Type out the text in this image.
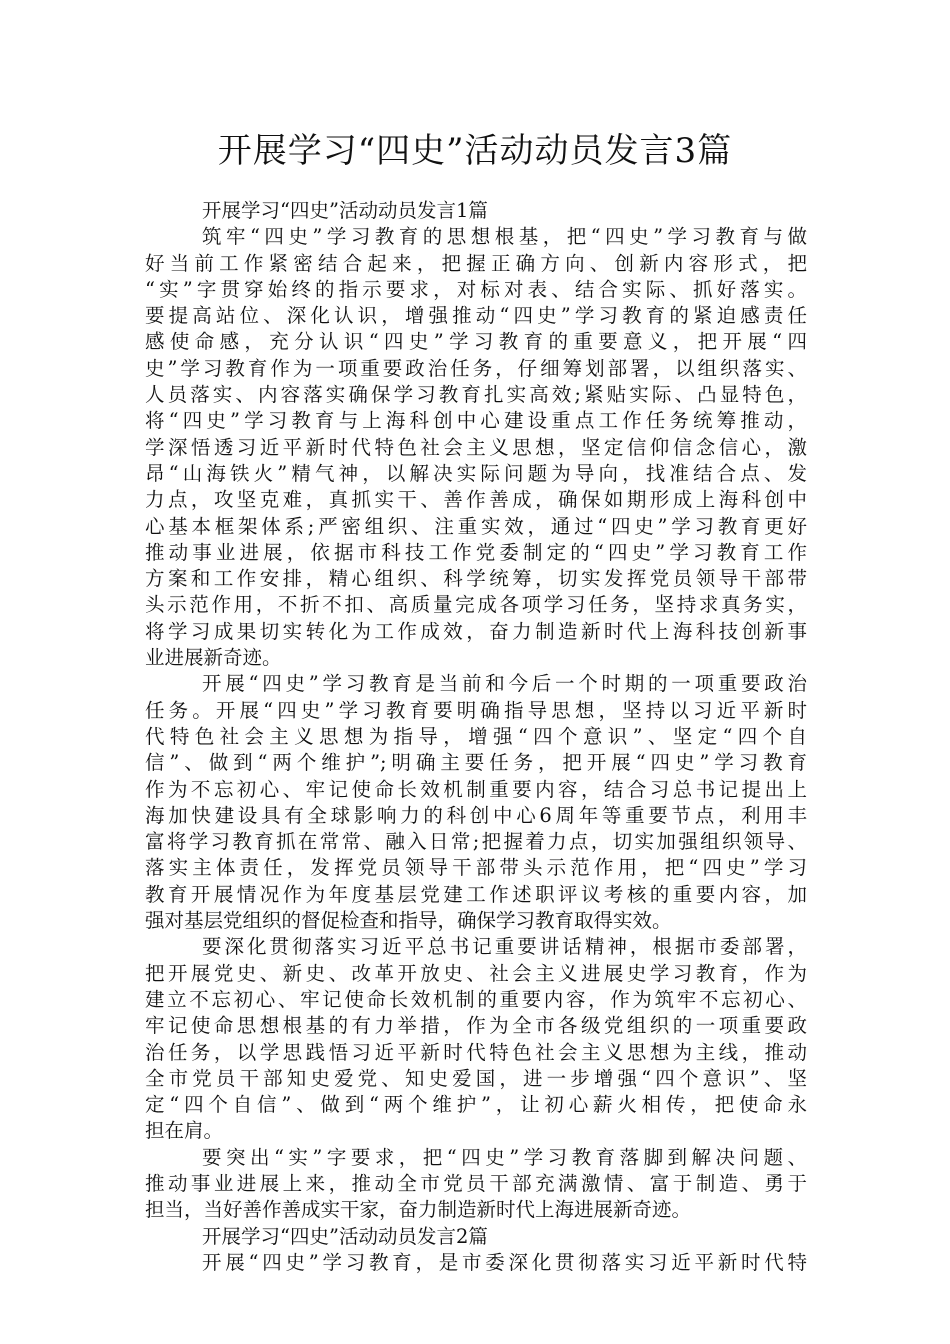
开展学习“四史”活动动员发言3篇
开展学习“四史”活动动员发言1篇
筑牢“四史”学习教育的思想根基，把“四史”学习教育与做
好当前工作紧密结合起来，把握正确方向、创新内容形式，把
“实”字贯穿始终的指示要求，对标对表、结合实际、抓好落实。
要提高站位、深化认识，增强推动“四史”学习教育的紧迫感责任
感使命感，充分认识“四史”学习教育的重要意义，把开展“四
史”学习教育作为一项重要政治任务，仔细筹划部署，以组织落实、
人员落实、内容落实确保学习教育扎实高效;紧贴实际、凸显特色，
将“四史”学习教育与上海科创中心建设重点工作任务统筹推动，
学深悟透习近平新时代特色社会主义思想，坚定信仰信念信心，激
昂“山海铁火”精气神，以解决实际问题为导向，找准结合点、发
力点，攻坚克难，真抓实干、善作善成，确保如期形成上海科创中
心基本框架体系;严密组织、注重实效，通过“四史”学习教育更好
推动事业进展，依据市科技工作党委制定的“四史”学习教育工作
方案和工作安排，精心组织、科学统筹，切实发挥党员领导干部带
头示范作用，不折不扣、高质量完成各项学习任务，坚持求真务实，
将学习成果切实转化为工作成效，奋力制造新时代上海科技创新事
业进展新奇迹。
开展“四史”学习教育是当前和今后一个时期的一项重要政治
任务。开展“四史”学习教育要明确指导思想，坚持以习近平新时
代特色社会主义思想为指导，增强“四个意识”、坚定“四个自
信”、做到“两个维护”;明确主要任务，把开展“四史”学习教育
作为不忘初心、牢记使命长效机制重要内容，结合习总书记提出上
海加快建设具有全球影响力的科创中心6周年等重要节点，利用丰
富将学习教育抓在常常、融入日常;把握着力点，切实加强组织领导、
落实主体责任，发挥党员领导干部带头示范作用，把“四史”学习
教育开展情况作为年度基层党建工作述职评议考核的重要内容，加
强对基层党组织的督促检查和指导，确保学习教育取得实效。
要深化贯彻落实习近平总书记重要讲话精神，根据市委部署，
把开展党史、新史、改革开放史、社会主义进展史学习教育，作为
建立不忘初心、牢记使命长效机制的重要内容，作为筑牢不忘初心、
牢记使命思想根基的有力举措，作为全市各级党组织的一项重要政
治任务，以学思践悟习近平新时代特色社会主义思想为主线，推动
全市党员干部知史爱党、知史爱国，进一步增强“四个意识”、坚
定“四个自信”、做到“两个维护”，让初心薪火相传，把使命永
担在肩。
要突出“实”字要求，把“四史”学习教育落脚到解决问题、
推动事业进展上来，推动全市党员干部充满激情、富于制造、勇于
担当，当好善作善成实干家，奋力制造新时代上海进展新奇迹。
开展学习“四史”活动动员发言2篇
开展“四史”学习教育，是市委深化贯彻落实习近平新时代特
